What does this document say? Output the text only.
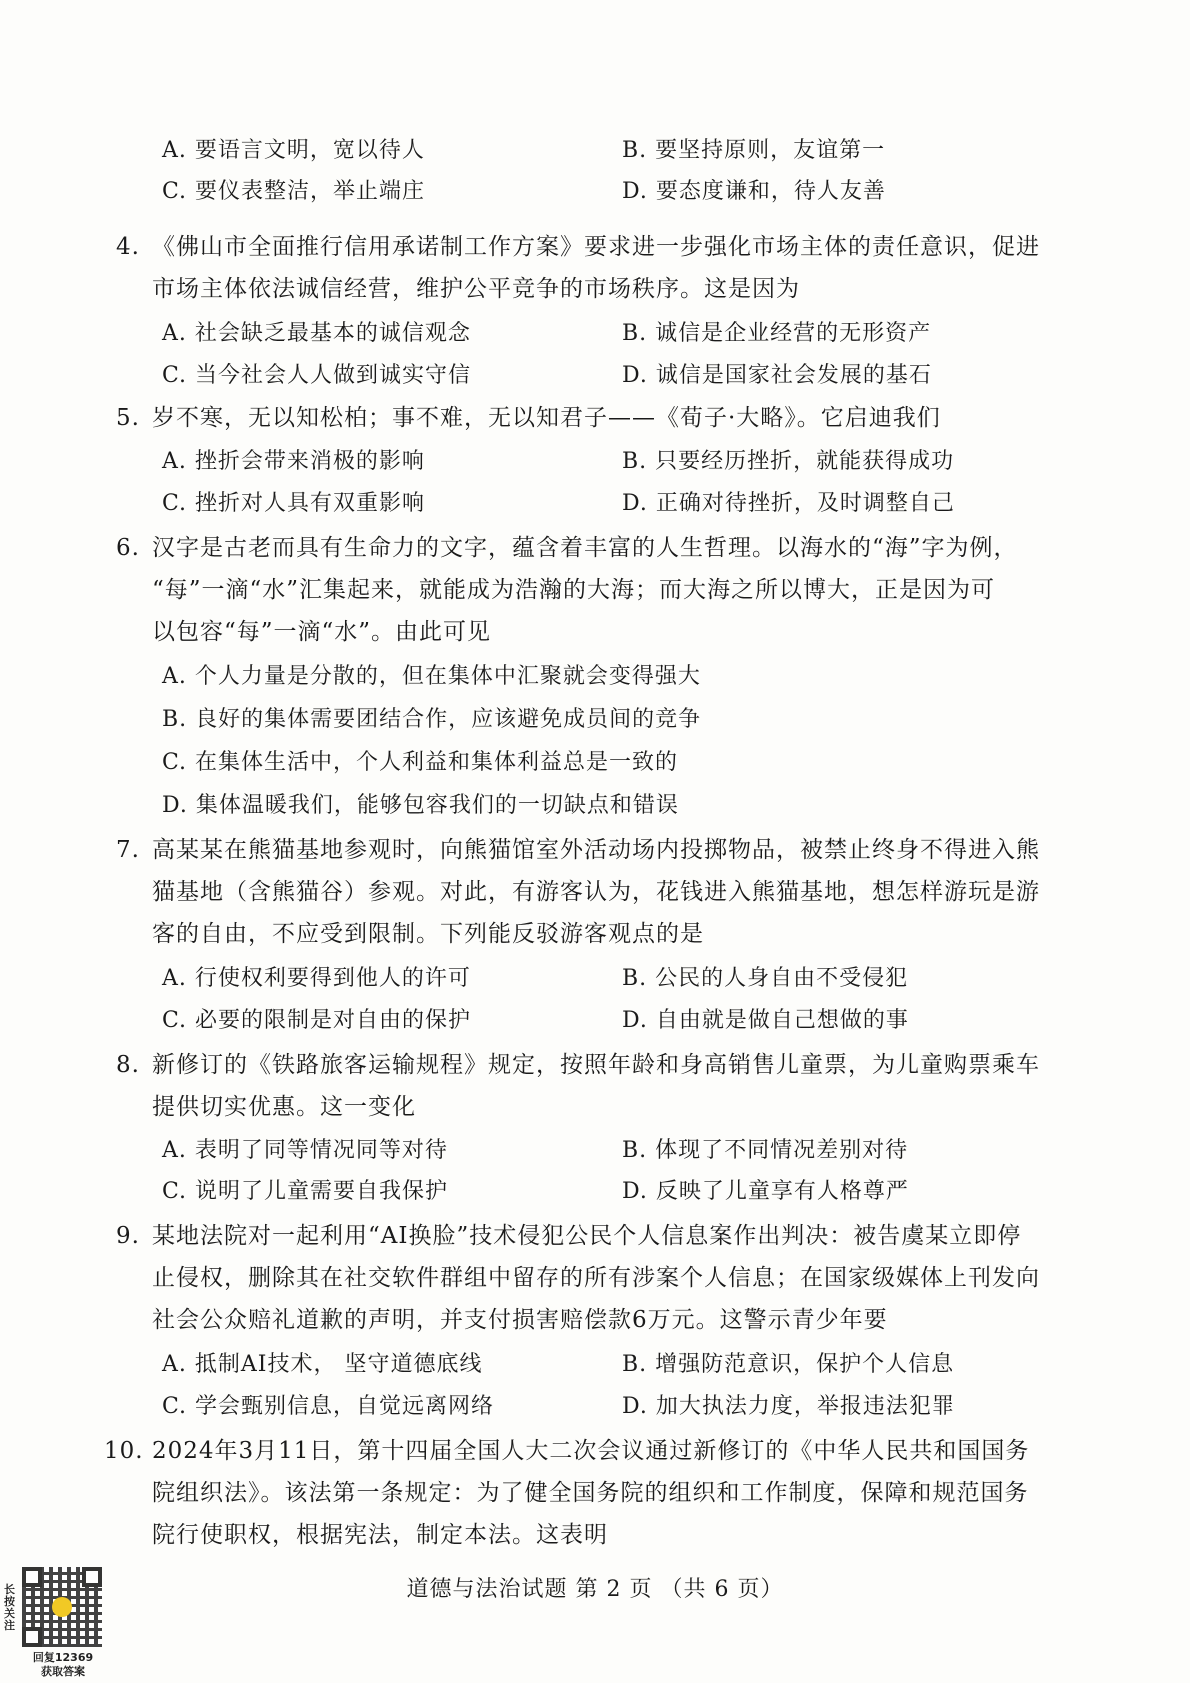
A. 要语言文明，宽以待人	B. 要坚持原则，友谊第一
C. 要仪表整洁，举止端庄	D. 要态度谦和，待人友善
4. 《佛山市全面推行信用承诺制工作方案》要求进一步强化市场主体的责任意识，促进
市场主体依法诚信经营，维护公平竞争的市场秩序。这是因为
A. 社会缺乏最基本的诚信观念	B. 诚信是企业经营的无形资产
C. 当今社会人人做到诚实守信	D. 诚信是国家社会发展的基石
5. 岁不寒，无以知松柏；事不难，无以知君子——《荀子·大略》。它启迪我们
A. 挫折会带来消极的影响	B. 只要经历挫折，就能获得成功
C. 挫折对人具有双重影响	D. 正确对待挫折，及时调整自己
6. 汉字是古老而具有生命力的文字，蕴含着丰富的人生哲理。以海水的“海”字为例，
“每”一滴“水”汇集起来，就能成为浩瀚的大海；而大海之所以博大，正是因为可
以包容“每”一滴“水”。由此可见
A. 个人力量是分散的，但在集体中汇聚就会变得强大
B. 良好的集体需要团结合作，应该避免成员间的竞争
C. 在集体生活中，个人利益和集体利益总是一致的
D. 集体温暖我们，能够包容我们的一切缺点和错误
7. 高某某在熊猫基地参观时，向熊猫馆室外活动场内投掷物品，被禁止终身不得进入熊
猫基地（含熊猫谷）参观。对此，有游客认为，花钱进入熊猫基地，想怎样游玩是游
客的自由，不应受到限制。下列能反驳游客观点的是
A. 行使权利要得到他人的许可	B. 公民的人身自由不受侵犯
C. 必要的限制是对自由的保护	D. 自由就是做自己想做的事
8. 新修订的《铁路旅客运输规程》规定，按照年龄和身高销售儿童票，为儿童购票乘车
提供切实优惠。这一变化
A. 表明了同等情况同等对待	B. 体现了不同情况差别对待
C. 说明了儿童需要自我保护	D. 反映了儿童享有人格尊严
9. 某地法院对一起利用“AI换脸”技术侵犯公民个人信息案作出判决：被告虞某立即停
止侵权，删除其在社交软件群组中留存的所有涉案个人信息；在国家级媒体上刊发向
社会公众赔礼道歉的声明，并支付损害赔偿款6万元。这警示青少年要
A. 抵制AI技术， 坚守道德底线	B. 增强防范意识，保护个人信息
C. 学会甄别信息，自觉远离网络	D. 加大执法力度，举报违法犯罪
10. 2024年3月11日，第十四届全国人大二次会议通过新修订的《中华人民共和国国务
院组织法》。该法第一条规定：为了健全国务院的组织和工作制度，保障和规范国务
院行使职权，根据宪法，制定本法。这表明
道德与法治试题 第 2 页 （共 6 页）
长按关注
回复12369
获取答案
